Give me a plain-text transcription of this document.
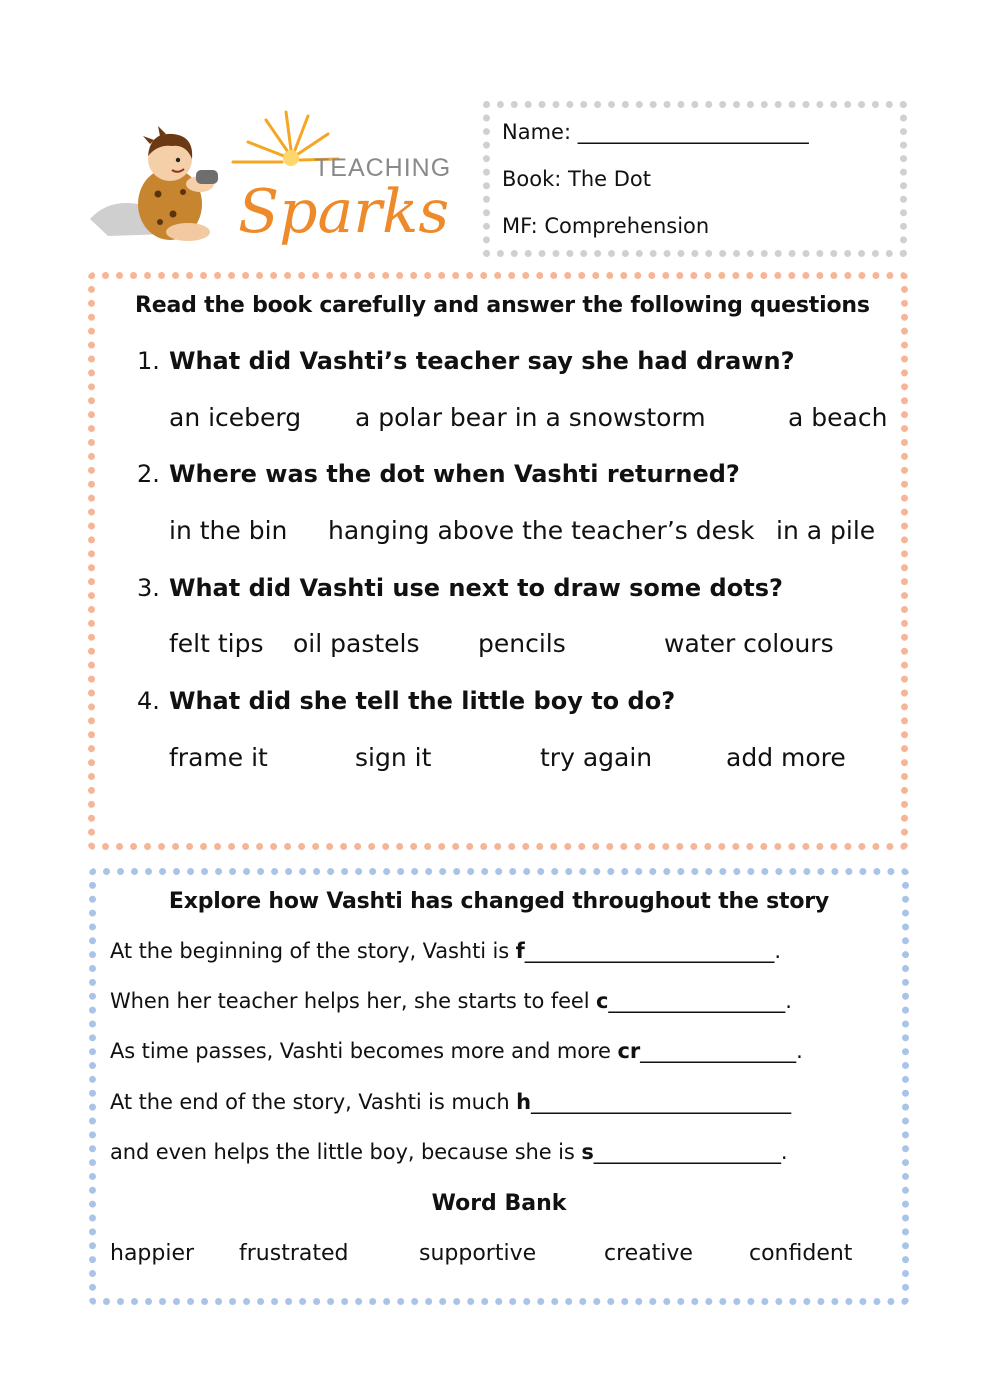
TEACHING
Sparks
Name: ______________________
Book: The Dot
MF: Comprehension
Read the book carefully and answer the following questions
1. What did Vashti’s teacher say she had drawn?
an iceberg a polar bear in a snowstorm	a beach
2. Where was the dot when Vashti returned?
in the bin hanging above the teacher’s desk in a pile
3. What did Vashti use next to draw some dots?
felt tips oil pastels pencils	water colours
4. What did she tell the little boy to do?
frame it	sign it	try again	add more
Explore how Vashti has changed throughout the story
At the beginning of the story, Vashti is f________________________.
When her teacher helps her, she starts to feel c_________________.
As time passes, Vashti becomes more and more cr_______________.
At the end of the story, Vashti is much h_________________________
and even helps the little boy, because she is s__________________.
Word Bank
happier frustrated	supportive	creative	confident
